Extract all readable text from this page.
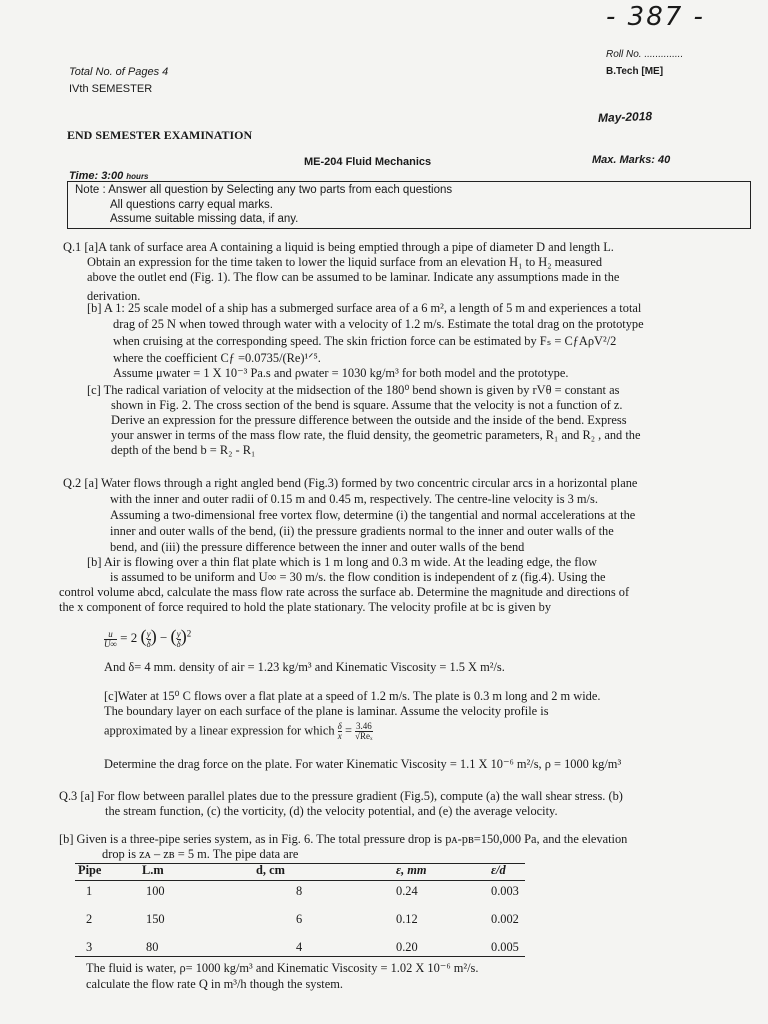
- 387 -
Roll No. ..............
B.Tech [ME]
Total No. of Pages 4
IVth SEMESTER
May-2018
END SEMESTER EXAMINATION
ME-204 Fluid Mechanics	Max. Marks: 40
Time: 3:00 hours
Note : Answer all question by Selecting any two parts from each questions
All questions carry equal marks.
Assume suitable missing data, if any.
Q.1 [a]A tank of surface area A containing a liquid is being emptied through a pipe of diameter D and length L.
Obtain an expression for the time taken to lower the liquid surface from an elevation H₁ to H₂ measured
above the outlet end (Fig. 1). The flow can be assumed to be laminar. Indicate any assumptions made in the
derivation.
[b] A 1: 25 scale model of a ship has a submerged surface area of a 6 m², a length of 5 m and experiences a total
drag of 25 N when towed through water with a velocity of 1.2 m/s. Estimate the total drag on the prototype
when cruising at the corresponding speed. The skin friction force can be estimated by Fₛ = CƒAρV²/2
where the coefficient Cƒ =0.0735/(Re)¹ᐟ⁵.
Assume μwater = 1 X 10⁻³ Pa.s and ρwater = 1030 kg/m³ for both model and the prototype.
[c] The radical variation of velocity at the midsection of the 180⁰ bend shown is given by rVθ = constant as
shown in Fig. 2. The cross section of the bend is square. Assume that the velocity is not a function of z.
Derive an expression for the pressure difference between the outside and the inside of the bend. Express
your answer in terms of the mass flow rate, the fluid density, the geometric parameters, R₁ and R₂ , and the
depth of the bend b = R₂ - R₁
Q.2 [a] Water flows through a right angled bend (Fig.3) formed by two concentric circular arcs in a horizontal plane
with the inner and outer radii of 0.15 m and 0.45 m, respectively. The centre-line velocity is 3 m/s.
Assuming a two-dimensional free vortex flow, determine (i) the tangential and normal accelerations at the
inner and outer walls of the bend, (ii) the pressure gradients normal to the inner and outer walls of the
bend, and (iii) the pressure difference between the inner and outer walls of the bend
[b] Air is flowing over a thin flat plate which is 1 m long and 0.3 m wide. At the leading edge, the flow
is assumed to be uniform and U∞ = 30 m/s. the flow condition is independent of z (fig.4). Using the
control volume abcd, calculate the mass flow rate across the surface ab. Determine the magnitude and directions of
the x component of force required to hold the plate stationary. The velocity profile at bc is given by
$\frac{u}{U\infty} = 2$ ( $\frac{y}{\delta}$ ) − ( $\frac{y}{\delta} )^2$
And δ= 4 mm. density of air = 1.23 kg/m³ and Kinematic Viscosity = 1.5 X m²/s.
[c]Water at 15⁰ C flows over a flat plate at a speed of 1.2 m/s. The plate is 0.3 m long and 2 m wide.
The boundary layer on each surface of the plane is laminar. Assume the velocity profile is
approximated by a linear expression for which $\frac{\delta}{x} = \frac{3.46}{\text{√Reₓ}}$
Determine the drag force on the plate. For water Kinematic Viscosity = 1.1 X 10⁻⁶ m²/s, ρ = 1000 kg/m³
Q.3 [a] For flow between parallel plates due to the pressure gradient (Fig.5), compute (a) the wall shear stress. (b)
the stream function, (c) the vorticity, (d) the velocity potential, and (e) the average velocity.
[b] Given is a three-pipe series system, as in Fig. 6. The total pressure drop is pᴀ-pʙ=150,000 Pa, and the elevation
drop is zᴀ – zʙ = 5 m. The pipe data are
Pipe	L.m	d, cm	ε, mm	ε/d
1	100	8	0.24	0.003
2	150	6	0.12	0.002
3	80	4	0.20	0.005
The fluid is water, ρ= 1000 kg/m³ and Kinematic Viscosity = 1.02 X 10⁻⁶ m²/s.
calculate the flow rate Q in m³/h though the system.
